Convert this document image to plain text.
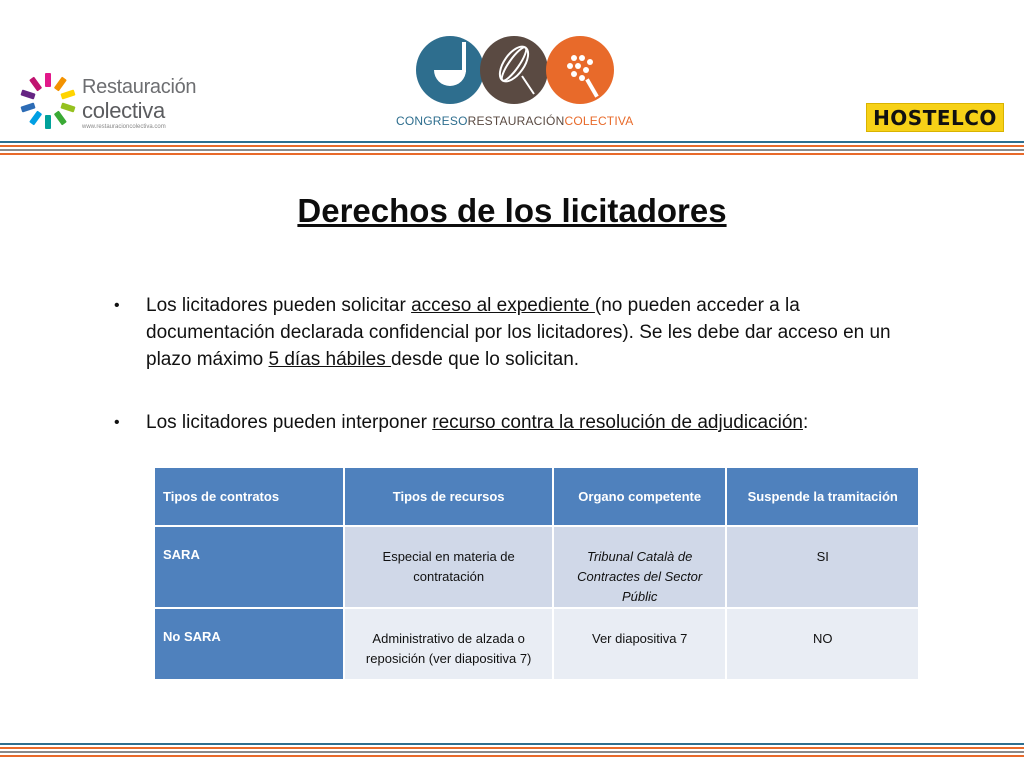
Restauración
colectiva
www.restauracioncolectiva.com	CONGRESORESTAURACIÓNCOLECTIVA	HOSTELCO
Derechos de los licitadores
• Los licitadores pueden solicitar acceso al expediente (no pueden acceder a la documentación declarada confidencial por los licitadores). Se les debe dar acceso en un plazo máximo 5 días hábiles desde que lo solicitan.
• Los licitadores pueden interponer recurso contra la resolución de adjudicación:
Tipos de contratos	Tipos de recursos	Organo competente	Suspende la tramitación
SARA	Especial en materia de contratación	Tribunal Català de Contractes del Sector Públic	SI
No SARA	Administrativo de alzada o reposición (ver diapositiva 7)	Ver diapositiva 7	NO
